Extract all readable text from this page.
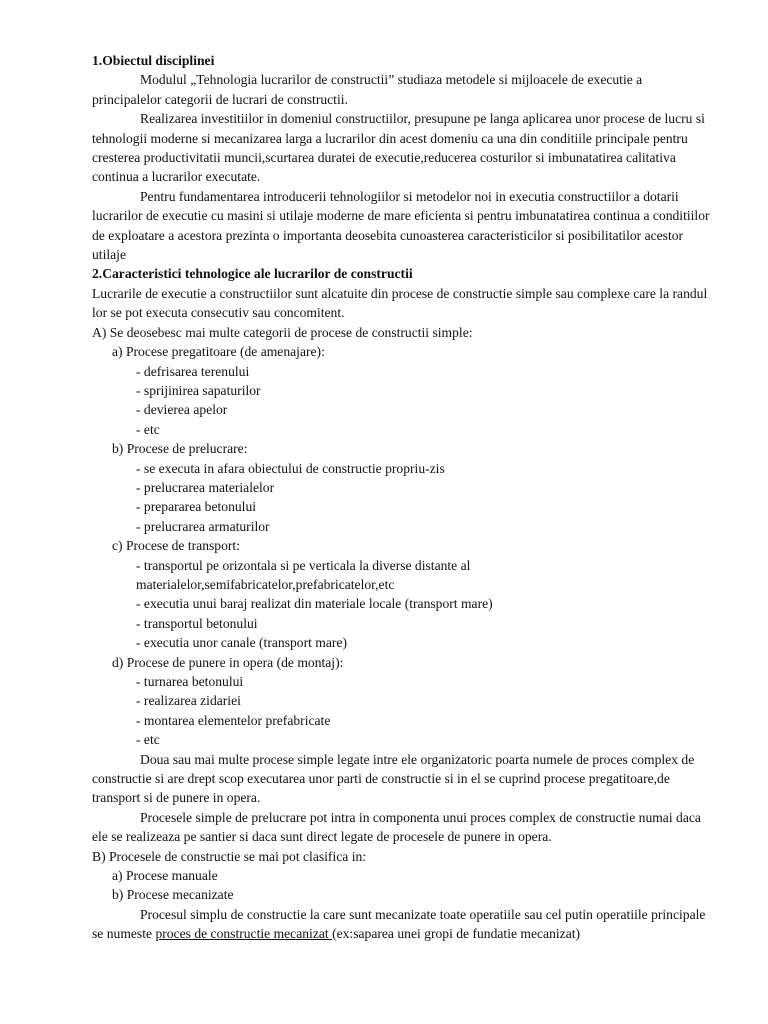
1.Obiectul disciplinei
Modulul „Tehnologia lucrarilor de constructii” studiaza metodele si mijloacele de executie a principalelor categorii de lucrari de constructii.
Realizarea investitiilor in domeniul constructiilor, presupune pe langa aplicarea unor procese de lucru si tehnologii moderne si mecanizarea larga a lucrarilor din acest domeniu ca una din conditiile principale pentru cresterea productivitatii muncii,scurtarea duratei de executie,reducerea costurilor si imbunatatirea calitativa continua a lucrarilor executate.
Pentru fundamentarea introducerii tehnologiilor si metodelor noi in executia constructiilor a dotarii lucrarilor de executie cu masini si utilaje moderne de mare eficienta si pentru imbunatatirea continua a conditiilor de exploatare a acestora prezinta o importanta deosebita cunoasterea caracteristicilor si posibilitatilor acestor utilaje
2.Caracteristici tehnologice ale lucrarilor de constructii
Lucrarile de executie a constructiilor sunt alcatuite din procese de constructie simple sau complexe care la randul lor se pot executa consecutiv sau concomitent.
A) Se deosebesc mai multe categorii de procese de constructii simple:
a) Procese pregatitoare (de amenajare):
- defrisarea terenului
- sprijinirea sapaturilor
- devierea apelor
- etc
b) Procese de prelucrare:
- se executa in afara obiectului de constructie propriu-zis
- prelucrarea materialelor
- prepararea betonului
- prelucrarea armaturilor
c) Procese de transport:
- transportul pe orizontala si pe verticala la diverse distante al
materialelor,semifabricatelor,prefabricatelor,etc
- executia unui baraj realizat din materiale locale (transport mare)
- transportul betonului
- executia unor canale (transport mare)
d) Procese de punere in opera (de montaj):
- turnarea betonului
- realizarea zidariei
- montarea elementelor prefabricate
- etc
Doua sau mai multe procese simple legate intre ele organizatoric poarta numele de proces complex de constructie si are drept scop executarea unor parti de constructie si in el se cuprind procese pregatitoare,de transport si de punere in opera.
Procesele simple de prelucrare pot intra in componenta unui proces complex de constructie numai daca ele se realizeaza pe santier si daca sunt direct legate de procesele de punere in opera.
B) Procesele de constructie se mai pot clasifica in:
a) Procese manuale
b) Procese mecanizate
Procesul simplu de constructie la care sunt mecanizate toate operatiile sau cel putin operatiile principale se numeste proces de constructie mecanizat (ex:saparea unei gropi de fundatie mecanizat)
